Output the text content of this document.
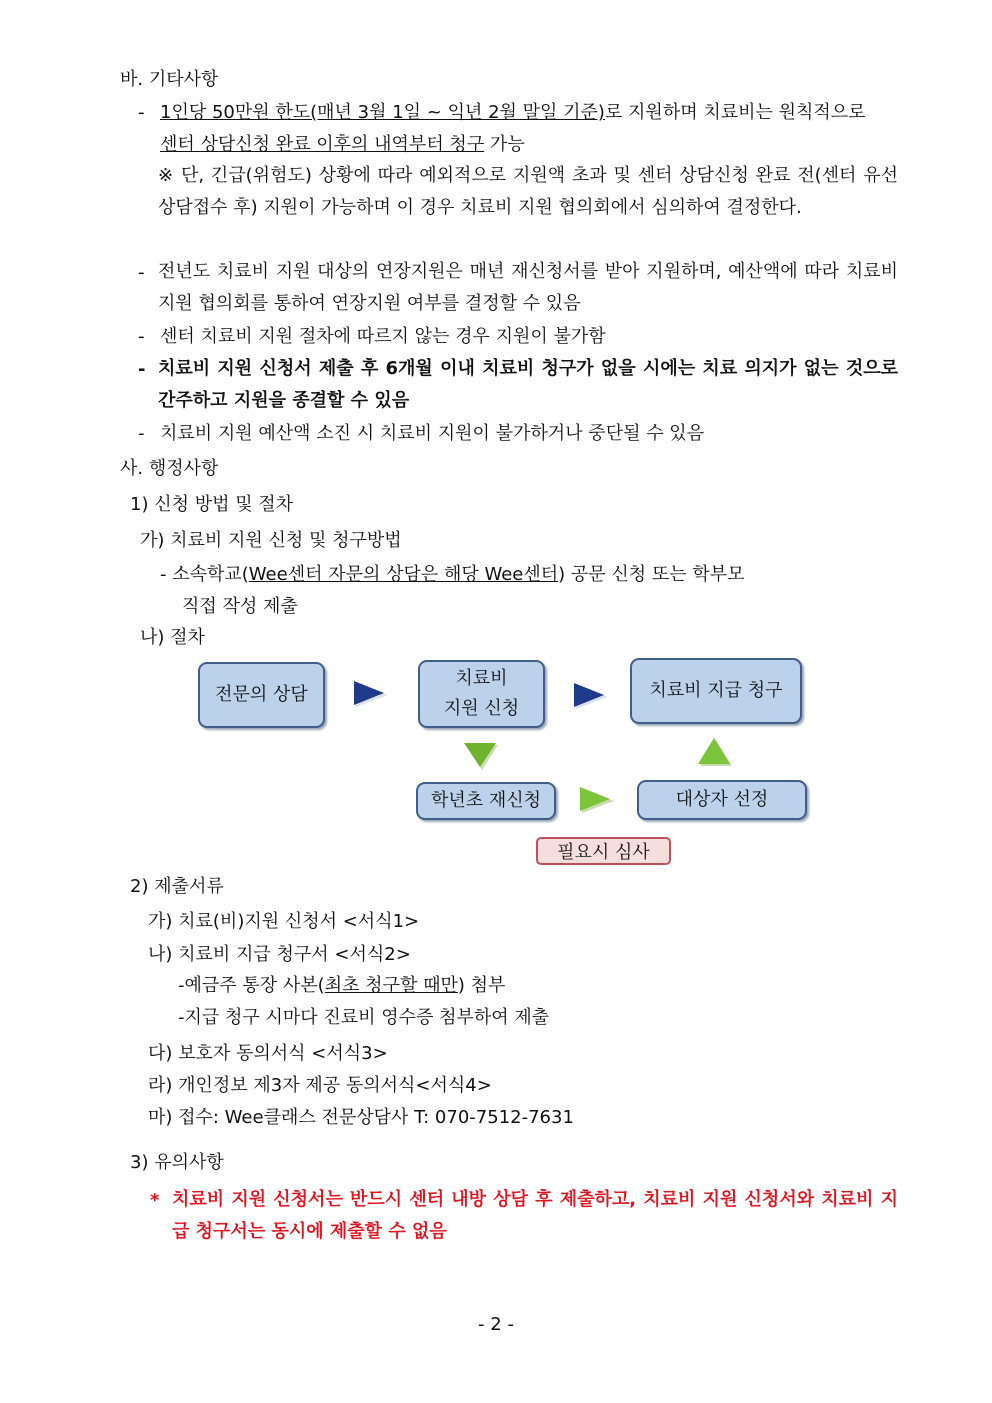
바. 기타사항
- 1인당 50만원 한도(매년 3월 1일 ~ 익년 2월 말일 기준)로 지원하며 치료비는 원칙적으로
센터 상담신청 완료 이후의 내역부터 청구 가능
※ 단, 긴급(위험도) 상황에 따라 예외적으로 지원액 초과 및 센터 상담신청 완료 전(센터 유선 상담접수 후) 지원이 가능하며 이 경우 치료비 지원 협의회에서 심의하여 결정한다.
- 전년도 치료비 지원 대상의 연장지원은 매년 재신청서를 받아 지원하며, 예산액에 따라 치료비 지원 협의회를 통하여 연장지원 여부를 결정할 수 있음
- 센터 치료비 지원 절차에 따르지 않는 경우 지원이 불가함
- 치료비 지원 신청서 제출 후 6개월 이내 치료비 청구가 없을 시에는 치료 의지가 없는 것으로 간주하고 지원을 종결할 수 있음
- 치료비 지원 예산액 소진 시 치료비 지원이 불가하거나 중단될 수 있음
사. 행정사항
1) 신청 방법 및 절차
가) 치료비 지원 신청 및 청구방법
- 소속학교( Wee센터 자문의 상담은 해당 Wee센터 ) 공문 신청 또는 학부모
직접 작성 제출
나) 절차
전문의 상담
치료비
지원 신청
치료비 지급 청구
학년초 재신청	대상자 선정
필요시 심사
2) 제출서류
가) 치료(비)지원 신청서 <서식1>
나) 치료비 지급 청구서 <서식2>
-예금주 통장 사본(최초 청구할 때만) 첨부
-지급 청구 시마다 진료비 영수증 첨부하여 제출
다) 보호자 동의서식 <서식3>
라) 개인정보 제3자 제공 동의서식<서식4>
마) 접수: Wee클래스 전문상담사 T: 070-7512-7631
3) 유의사항
* 치료비 지원 신청서는 반드시 센터 내방 상담 후 제출하고, 치료비 지원 신청서와 치료비 지급 청구서는 동시에 제출할 수 없음
- 2 -
